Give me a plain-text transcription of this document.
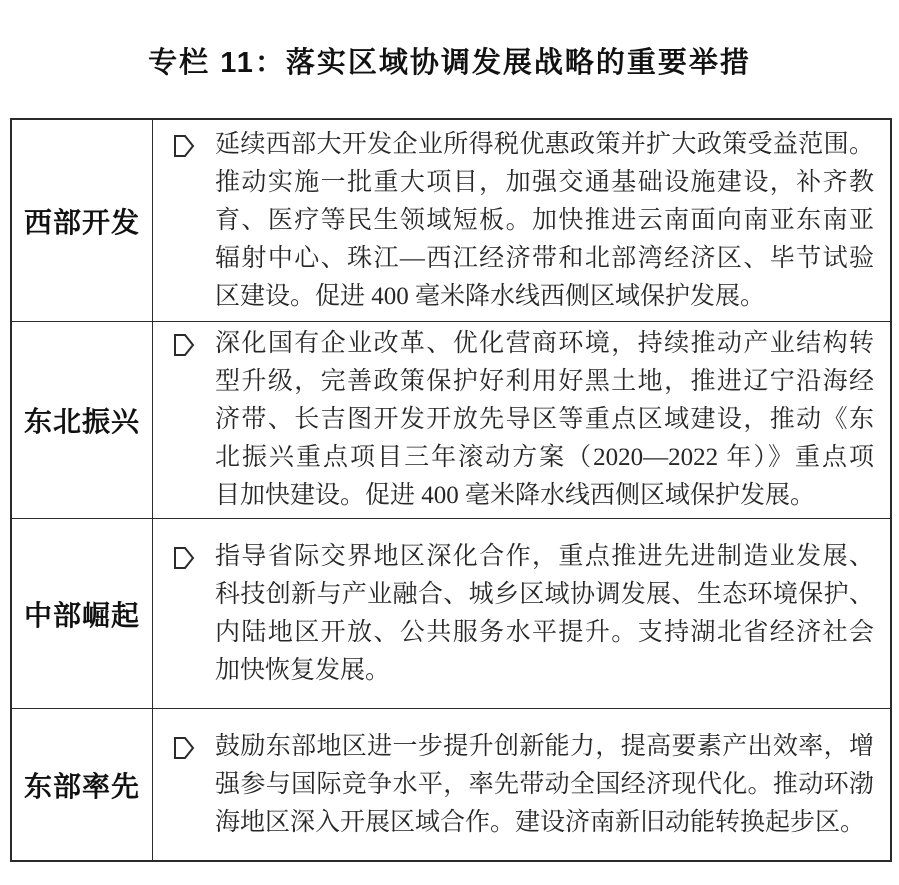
专栏 11：落实区域协调发展战略的重要举措
西部开发
延续西部大开发企业所得税优惠政策并扩大政策受益范围。
推动实施一批重大项目，加强交通基础设施建设，补齐教
育、医疗等民生领域短板。加快推进云南面向南亚东南亚
辐射中心、珠江—西江经济带和北部湾经济区、毕节试验
区建设。促进 400 毫米降水线西侧区域保护发展。
东北振兴
深化国有企业改革、优化营商环境，持续推动产业结构转
型升级，完善政策保护好利用好黑土地，推进辽宁沿海经
济带、长吉图开发开放先导区等重点区域建设，推动《东
北振兴重点项目三年滚动方案（2020—2022 年）》重点项
目加快建设。促进 400 毫米降水线西侧区域保护发展。
中部崛起
指导省际交界地区深化合作，重点推进先进制造业发展、
科技创新与产业融合、城乡区域协调发展、生态环境保护、
内陆地区开放、公共服务水平提升。支持湖北省经济社会
加快恢复发展。
东部率先
鼓励东部地区进一步提升创新能力，提高要素产出效率，增
强参与国际竞争水平，率先带动全国经济现代化。推动环渤
海地区深入开展区域合作。建设济南新旧动能转换起步区。
